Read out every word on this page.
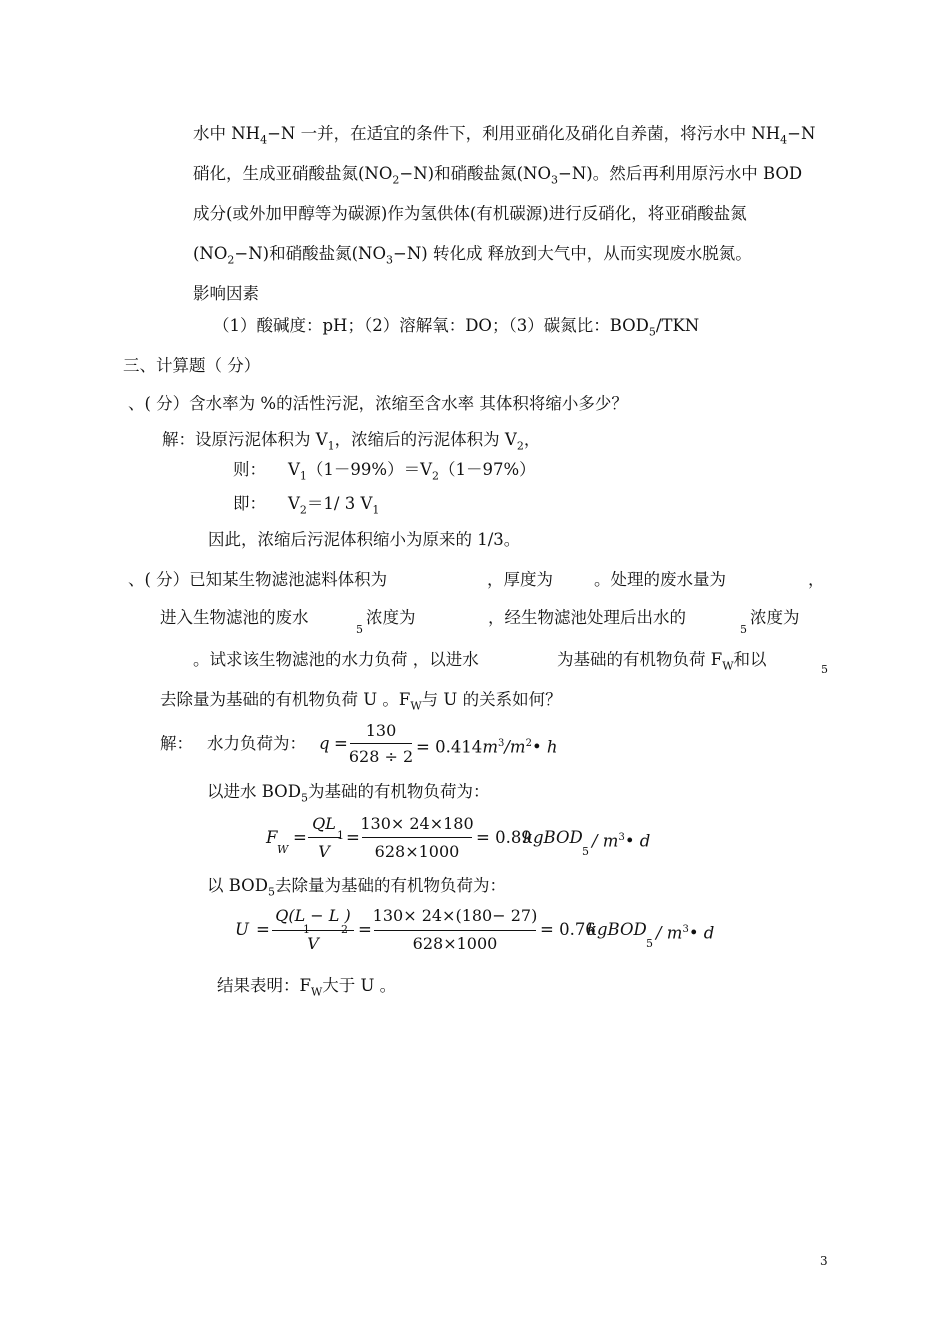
水中 $NH_4-N$ 一并，在适宜的条件下，利用亚硝化及硝化自养菌，将污水中 $NH_4-N$
硝化，生成亚硝酸盐氮$(NO_2-N)$和硝酸盐氮$(NO_3-N)$。然后再利用原污水中 BOD
成分(或外加甲醇等为碳源)作为氢供体(有机碳源)进行反硝化，将亚硝酸盐氮
$(NO_2-N)$和硝酸盐氮$(NO_3-N)$ 转化成 释放到大气中，从而实现废水脱氮。
影响因素
（1）酸碱度：pH；（2）溶解氧：DO；（3）碳氮比：$BOD_5$/TKN
三、计算题（ 分）
、( 分）含水率为 %的活性污泥，浓缩至含水率 其体积将缩小多少？
解：设原污泥体积为 $V_1$，浓缩后的污泥体积为 $V_2$，
则： $V_1(1-99\%)=V_2(1-97\%)$
即： $V_2=1/$ 3 $V_1$
因此，浓缩后污泥体积缩小为原来的 1/3。
、( 分）已知某生物滤池滤料体积为	，厚度为 。处理的废水量为	，
进入生物滤池的废水
5
浓度为	，经生物滤池处理后出水的
5
浓度为
。试求该生物滤池的水力负荷 ，以进水	为基础的有机物负荷 $F_W$和以
5
去除量为基础的有机物负荷 U 。$F_W$与 U 的关系如何？
解： 水力负荷为： q =
130
$628 \div 2 = 0.414m^3/m^2•$ h
以进水 $BOD_5$为基础的有机物负荷为：
F
W
=
QL
1
V
=
130× 24×180
628×1000
= 0.89
kgBOD
5
/ $m^3•$ d
以 $BOD_5$去除量为基础的有机物负荷为：
U =
Q(L − L )
1	2
V
=
130× 24×(180− 27)
628×1000
= 0.76
kgBOD
5
/ $m^3•$ d
结果表明：$F_W$大于 U 。
3
